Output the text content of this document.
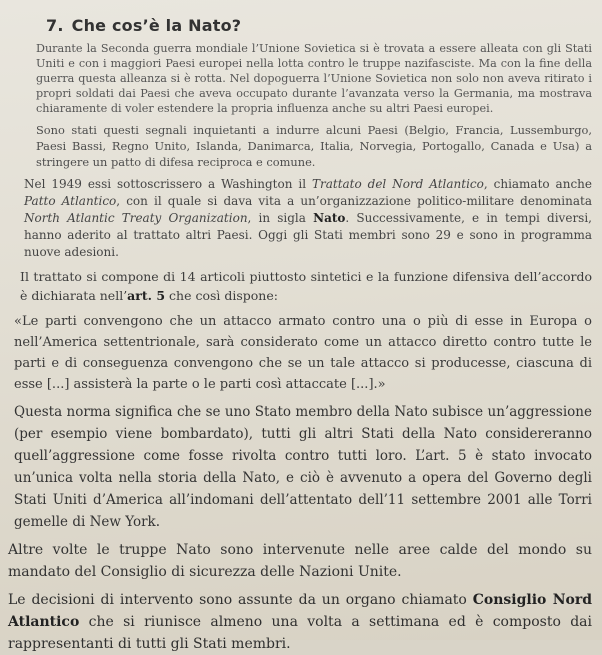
7. Che cos’è la Nato?

Durante la Seconda guerra mondiale l’Unione Sovietica si è trovata a essere alleata con gli Stati Uniti e con i maggiori Paesi europei nella lotta contro le truppe nazifasciste. Ma con la fine della guerra questa alleanza si è rotta. Nel dopoguerra l’Unione Sovietica non solo non aveva ritirato i propri soldati dai Paesi che aveva occupato durante l’avanzata verso la Germania, ma mostrava chiaramente di voler estendere la propria influenza anche su altri Paesi europei.

Sono stati questi segnali inquietanti a indurre alcuni Paesi (Belgio, Francia, Lussemburgo, Paesi Bassi, Regno Unito, Islanda, Danimarca, Italia, Norvegia, Portogallo, Canada e Usa) a stringere un patto di difesa reciproca e comune.

Nel 1949 essi sottoscrissero a Washington il Trattato del Nord Atlantico, chiamato anche Patto Atlantico, con il quale si dava vita a un’organizzazione politico-militare denominata North Atlantic Treaty Organization, in sigla Nato. Successivamente, e in tempi diversi, hanno aderito al trattato altri Paesi. Oggi gli Stati membri sono 29 e sono in programma nuove adesioni.

Il trattato si compone di 14 articoli piuttosto sintetici e la funzione difensiva dell’accordo è dichiarata nell’art. 5 che così dispone:

«Le parti convengono che un attacco armato contro una o più di esse in Europa o nell’America settentrionale, sarà considerato come un attacco diretto contro tutte le parti e di conseguenza convengono che se un tale attacco si producesse, ciascuna di esse [...] assisterà la parte o le parti così attaccate [...].»

Questa norma significa che se uno Stato membro della Nato subisce un’aggressione (per esempio viene bombardato), tutti gli altri Stati della Nato considereranno quell’aggressione come fosse rivolta contro tutti loro. L’art. 5 è stato invocato un’unica volta nella storia della Nato, e ciò è avvenuto a opera del Governo degli Stati Uniti d’America all’indomani dell’attentato dell’11 settembre 2001 alle Torri gemelle di New York.

Altre volte le truppe Nato sono intervenute nelle aree calde del mondo su mandato del Consiglio di sicurezza delle Nazioni Unite.

Le decisioni di intervento sono assunte da un organo chiamato Consiglio Nord Atlantico che si riunisce almeno una volta a settimana ed è composto dai rappresentanti di tutti gli Stati membri.
